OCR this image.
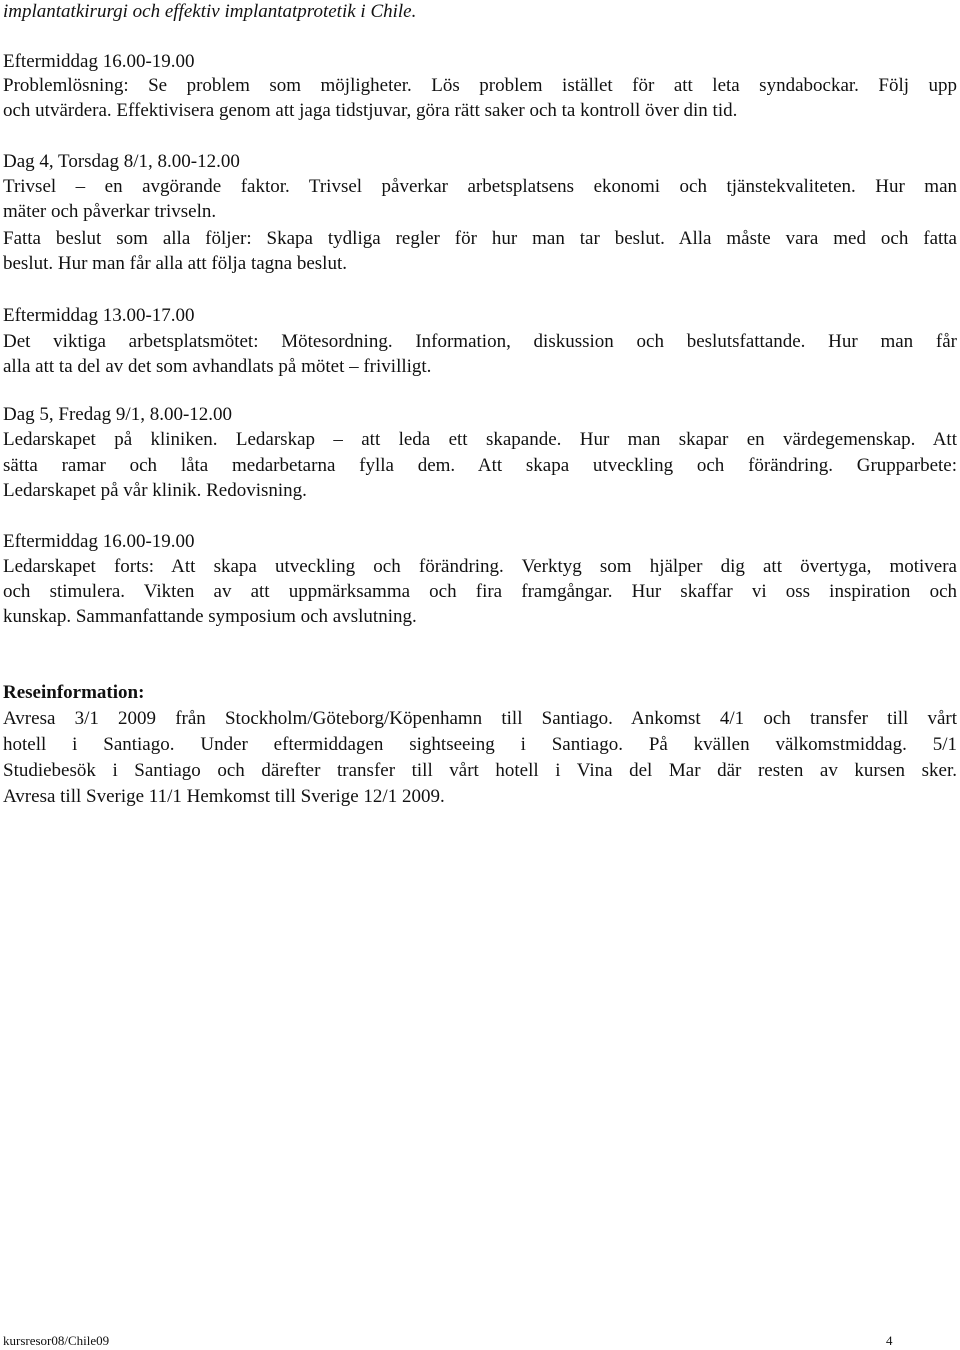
implantatkirurgi och effektiv implantatprotetik i Chile.

Eftermiddag 16.00-19.00

Problemlösning: Se problem som möjligheter. Lös problem istället för att leta syndabockar. Följ upp

och utvärdera. Effektivisera genom att jaga tidstjuvar, göra rätt saker och ta kontroll över din tid.

Dag 4, Torsdag 8/1, 8.00-12.00

Trivsel – en avgörande faktor. Trivsel påverkar arbetsplatsens ekonomi och tjänstekvaliteten. Hur man

mäter och påverkar trivseln.

Fatta beslut som alla följer: Skapa tydliga regler för hur man tar beslut. Alla måste vara med och fatta

beslut. Hur man får alla att följa tagna beslut.

Eftermiddag 13.00-17.00

Det viktiga arbetsplatsmötet: Mötesordning. Information, diskussion och beslutsfattande. Hur man får

alla att ta del av det som avhandlats på mötet – frivilligt.

Dag 5, Fredag 9/1, 8.00-12.00

Ledarskapet på kliniken. Ledarskap – att leda ett skapande. Hur man skapar en värdegemenskap. Att

sätta ramar och låta medarbetarna fylla dem. Att skapa utveckling och förändring. Grupparbete:

Ledarskapet på vår klinik. Redovisning.

Eftermiddag 16.00-19.00

Ledarskapet forts: Att skapa utveckling och förändring. Verktyg som hjälper dig att övertyga, motivera

och stimulera. Vikten av att uppmärksamma och fira framgångar. Hur skaffar vi oss inspiration och

kunskap. Sammanfattande symposium och avslutning.

Reseinformation:

Avresa 3/1 2009 från Stockholm/Göteborg/Köpenhamn till Santiago. Ankomst 4/1 och transfer till vårt

hotell i Santiago. Under eftermiddagen sightseeing i Santiago. På kvällen välkomstmiddag. 5/1

Studiebesök i Santiago och därefter transfer till vårt hotell i Vina del Mar där resten av kursen sker.

Avresa till Sverige 11/1 Hemkomst till Sverige 12/1 2009.

kursresor08/Chile09	4
